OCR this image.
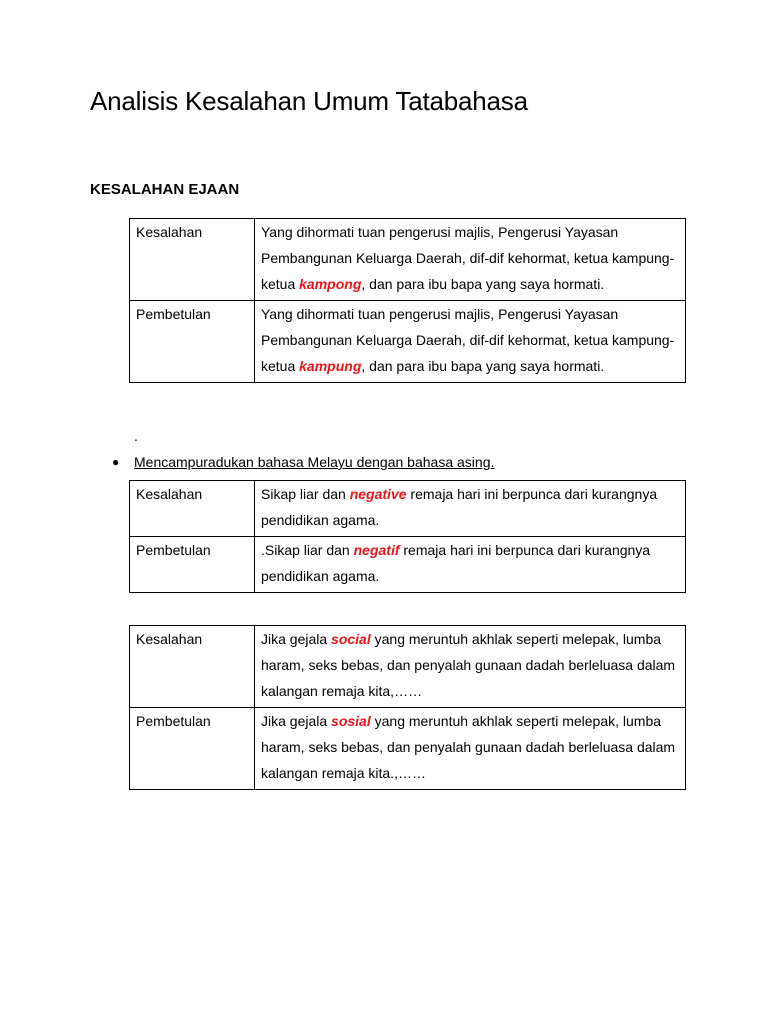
Analisis Kesalahan Umum Tatabahasa
KESALAHAN EJAAN
Kesalahan	Yang dihormati tuan pengerusi majlis, Pengerusi Yayasan Pembangunan Keluarga Daerah, dif-dif kehormat, ketua kampung-ketua kampong, dan para ibu bapa yang saya hormati.
Pembetulan	Yang dihormati tuan pengerusi majlis, Pengerusi Yayasan Pembangunan Keluarga Daerah, dif-dif kehormat, ketua kampung-ketua kampung, dan para ibu bapa yang saya hormati.
.
●	Mencampuradukan bahasa Melayu dengan bahasa asing.
Kesalahan	Sikap liar dan negative remaja hari ini berpunca dari kurangnya pendidikan agama.
Pembetulan	.Sikap liar dan negatif remaja hari ini berpunca dari kurangnya pendidikan agama.
Kesalahan	Jika gejala social yang meruntuh akhlak seperti melepak, lumba haram, seks bebas, dan penyalah gunaan dadah berleluasa dalam kalangan remaja kita,……
Pembetulan	Jika gejala sosial yang meruntuh akhlak seperti melepak, lumba haram, seks bebas, dan penyalah gunaan dadah berleluasa dalam kalangan remaja kita.,……
